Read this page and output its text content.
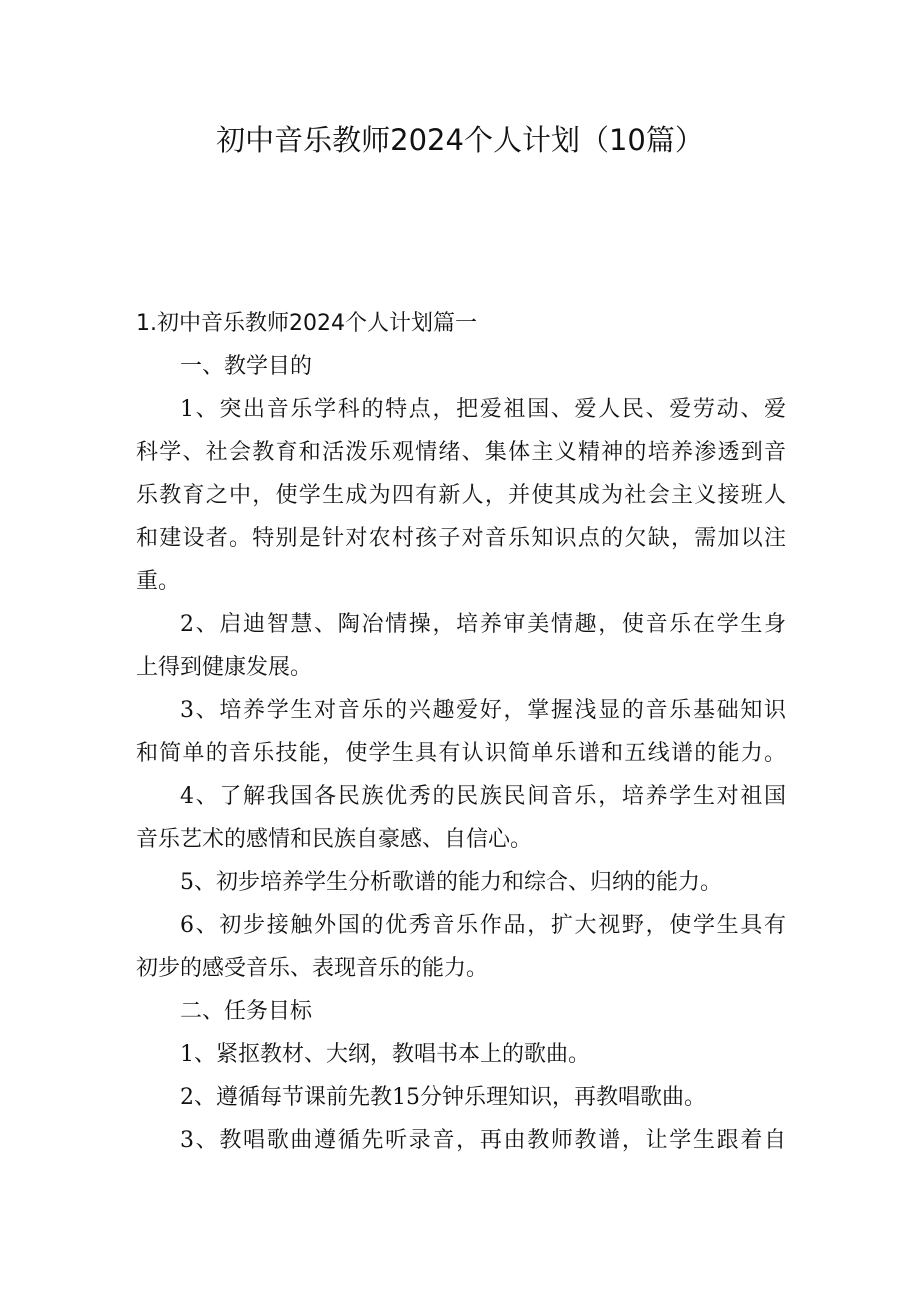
初中音乐教师2024个人计划（10篇）
1.初中音乐教师2024个人计划篇一
一、教学目的
1、突出音乐学科的特点，把爱祖国、爱人民、爱劳动、爱
科学、社会教育和活泼乐观情绪、集体主义精神的培养渗透到音
乐教育之中，使学生成为四有新人，并使其成为社会主义接班人
和建设者。特别是针对农村孩子对音乐知识点的欠缺，需加以注
重。
2、启迪智慧、陶冶情操，培养审美情趣，使音乐在学生身
上得到健康发展。
3、培养学生对音乐的兴趣爱好，掌握浅显的音乐基础知识
和简单的音乐技能，使学生具有认识简单乐谱和五线谱的能力。
4、了解我国各民族优秀的民族民间音乐，培养学生对祖国
音乐艺术的感情和民族自豪感、自信心。
5、初步培养学生分析歌谱的能力和综合、归纳的能力。
6、初步接触外国的优秀音乐作品，扩大视野，使学生具有
初步的感受音乐、表现音乐的能力。
二、任务目标
1、紧抠教材、大纲，教唱书本上的歌曲。
2、遵循每节课前先教15分钟乐理知识，再教唱歌曲。
3、教唱歌曲遵循先听录音，再由教师教谱，让学生跟着自
